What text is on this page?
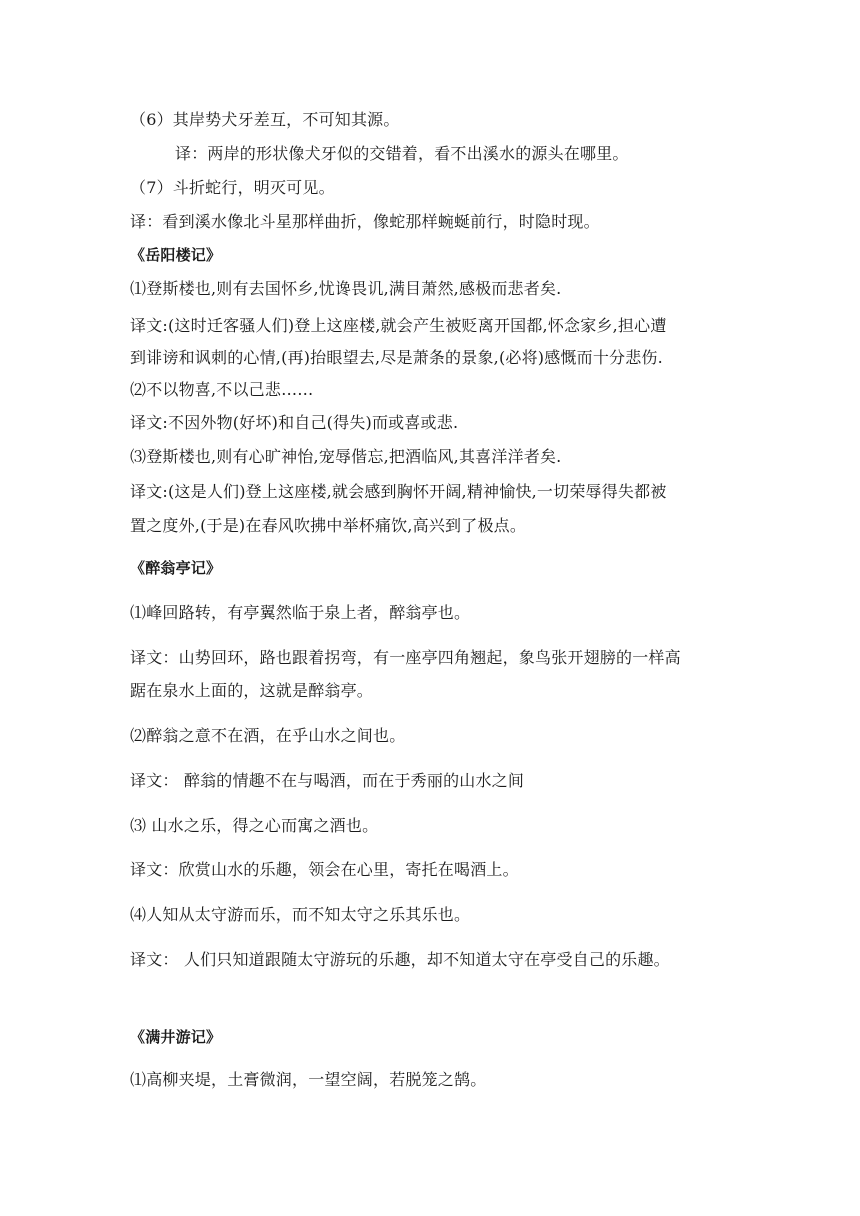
（6）其岸势犬牙差互，不可知其源。
译：两岸的形状像犬牙似的交错着，看不出溪水的源头在哪里。
（7）斗折蛇行，明灭可见。
译：看到溪水像北斗星那样曲折，像蛇那样蜿蜒前行，时隐时现。
《岳阳楼记》
⑴登斯楼也,则有去国怀乡,忧谗畏讥,满目萧然,感极而悲者矣.
译文:(这时迁客骚人们)登上这座楼,就会产生被贬离开国都,怀念家乡,担心遭
到诽谤和讽刺的心情,(再)抬眼望去,尽是萧条的景象,(必将)感慨而十分悲伤.
⑵不以物喜,不以己悲……
译文:不因外物(好坏)和自己(得失)而或喜或悲.
⑶登斯楼也,则有心旷神怡,宠辱偕忘,把酒临风,其喜洋洋者矣.
译文:(这是人们)登上这座楼,就会感到胸怀开阔,精神愉快,一切荣辱得失都被
置之度外,(于是)在春风吹拂中举杯痛饮,高兴到了极点。
《醉翁亭记》
⑴峰回路转，有亭翼然临于泉上者，醉翁亭也。
译文：山势回环，路也跟着拐弯，有一座亭四角翘起，象鸟张开翅膀的一样高
踞在泉水上面的，这就是醉翁亭。
⑵醉翁之意不在酒，在乎山水之间也。
译文： 醉翁的情趣不在与喝酒，而在于秀丽的山水之间
⑶ 山水之乐，得之心而寓之酒也。
译文：欣赏山水的乐趣，领会在心里，寄托在喝酒上。
⑷人知从太守游而乐，而不知太守之乐其乐也。
译文： 人们只知道跟随太守游玩的乐趣，却不知道太守在亭受自己的乐趣。
《满井游记》
⑴高柳夹堤，土膏微润，一望空阔，若脱笼之鹄。
